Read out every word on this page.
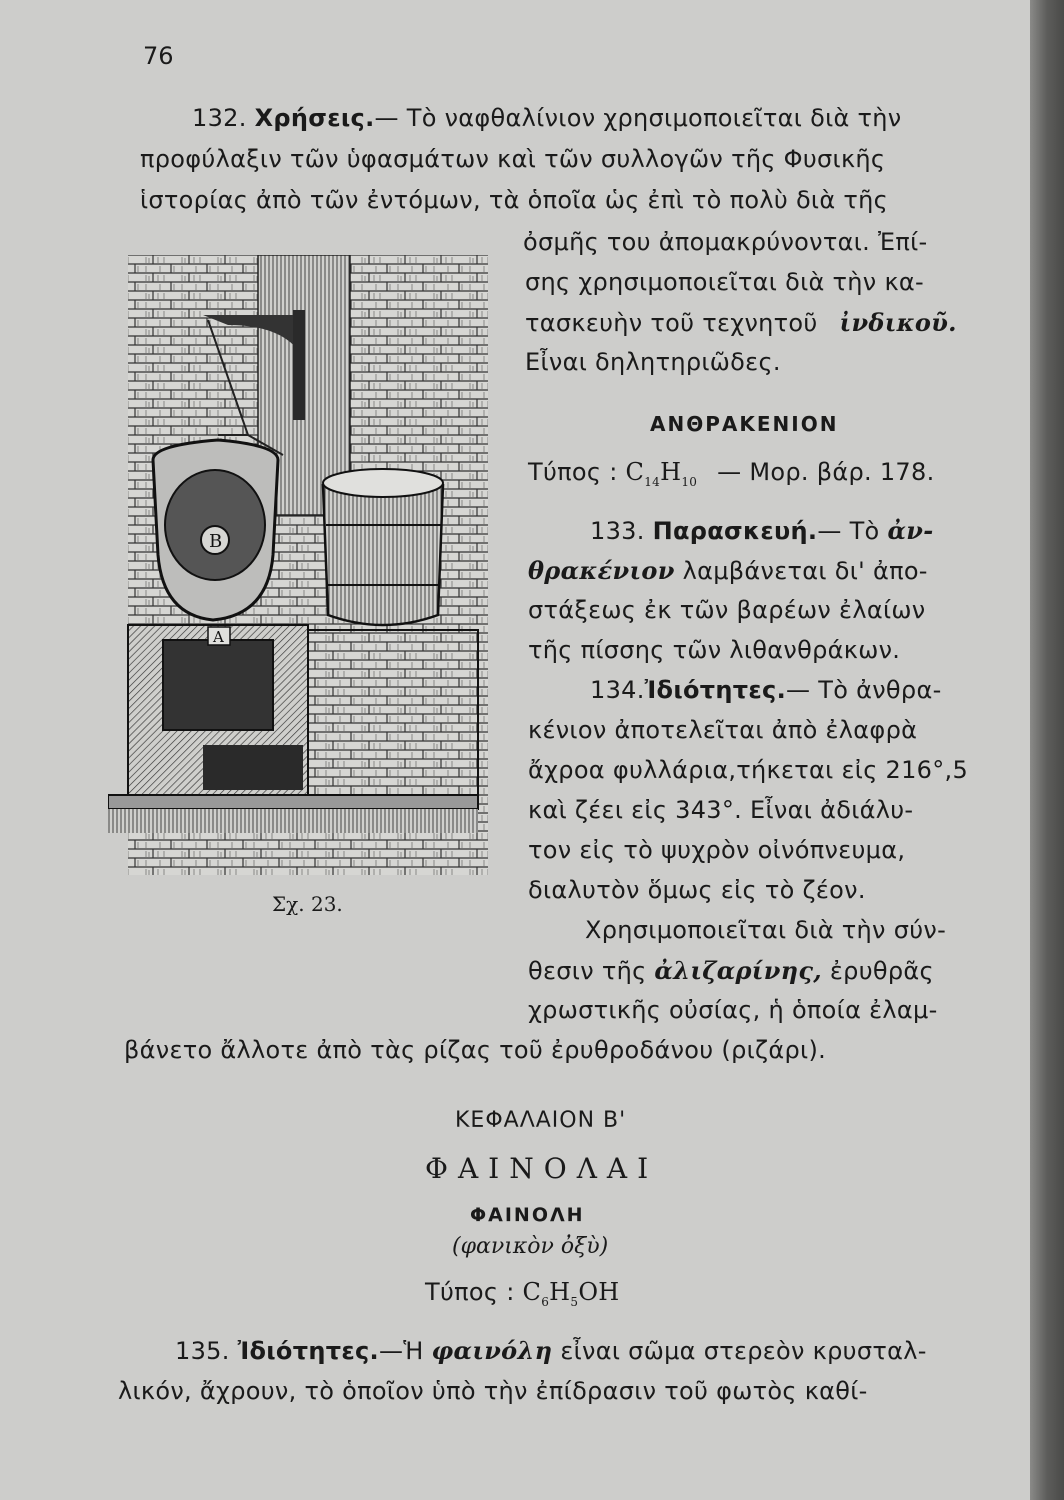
76
132. Χρήσεις.— Τὸ ναφθαλίνιον χρησιμοποιεῖται διὰ τὴν
προφύλαξιν τῶν ὑφασμάτων καὶ τῶν συλλογῶν τῆς Φυσικῆς
ἱστορίας ἀπὸ τῶν ἐντόμων, τὰ ὁποῖα ὡς ἐπὶ τὸ πολὺ διὰ τῆς
ὀσμῆς του ἀπομακρύνονται. Ἐπί-
σης χρησιμοποιεῖται διὰ τὴν κα-
τασκευὴν τοῦ τεχνητοῦ ἰνδικοῦ.
Εἶναι δηλητηριῶδες.
ΑΝΘΡΑΚΕΝΙΟΝ
Τύπος : $C_{14}H_{10}$ — Μορ. βάρ. 178.
133. Παρασκευή.— Τὸ ἀν-
θρακένιον λαμβάνεται δι' ἀπο-
στάξεως ἐκ τῶν βαρέων ἐλαίων
τῆς πίσσης τῶν λιθανθράκων.
134.Ἰδιότητες.— Τὸ ἀνθρα-
κένιον ἀποτελεῖται ἀπὸ ἐλαφρὰ
ἄχροα φυλλάρια,τήκεται εἰς 216°,5
καὶ ζέει εἰς 343°. Εἶναι ἀδιάλυ-
τον εἰς τὸ ψυχρὸν οἰνόπνευμα,
διαλυτὸν ὅμως εἰς τὸ ζέον.
Χρησιμοποιεῖται διὰ τὴν σύν-
θεσιν τῆς ἀλιζαρίνης, ἐρυθρᾶς
χρωστικῆς οὐσίας, ἡ ὁποία ἐλαμ-
βάνετο ἄλλοτε ἀπὸ τὰς ρίζας τοῦ ἐρυθροδάνου (ριζάρι).
B
A
Σχ. 23.
ΚΕΦΑΛΑΙΟΝ Β'
ΦΑΙΝΟΛΑΙ
ΦΑΙΝΟΛΗ
(φανικὸν ὀξὺ)
Τύπος : $C_6H_5OH$
135. Ἰδιότητες.—Ἡ φαινόλη εἶναι σῶμα στερεὸν κρυσταλ-
λικόν, ἄχρουν, τὸ ὁποῖον ὑπὸ τὴν ἐπίδρασιν τοῦ φωτὸς καθί-
